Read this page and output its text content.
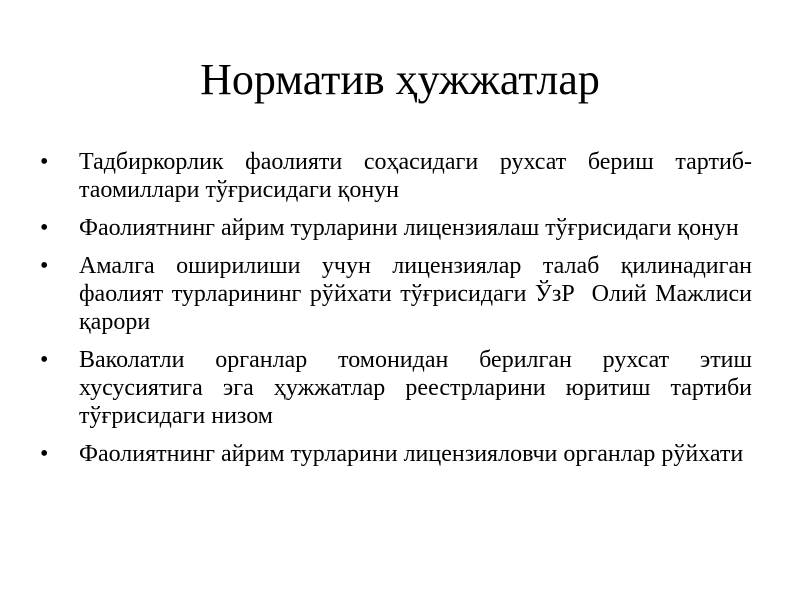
Норматив ҳужжатлар
•	Тадбиркорлик фаолияти соҳасидаги рухсат бериш тартиб-таомиллари тўғрисидаги қонун
•	Фаолиятнинг айрим турларини лицензиялаш тўғрисидаги қонун
•	Амалга оширилиши учун лицензиялар талаб қилинадиган фаолият турларининг рўйхати тўғрисидаги ЎзР  Олий Мажлиси қарори
•	Ваколатли органлар томонидан берилган рухсат этиш хусусиятига эга ҳужжатлар реестрларини юритиш тартиби тўғрисидаги низом
•	Фаолиятнинг айрим турларини лицензияловчи органлар рўйхати
